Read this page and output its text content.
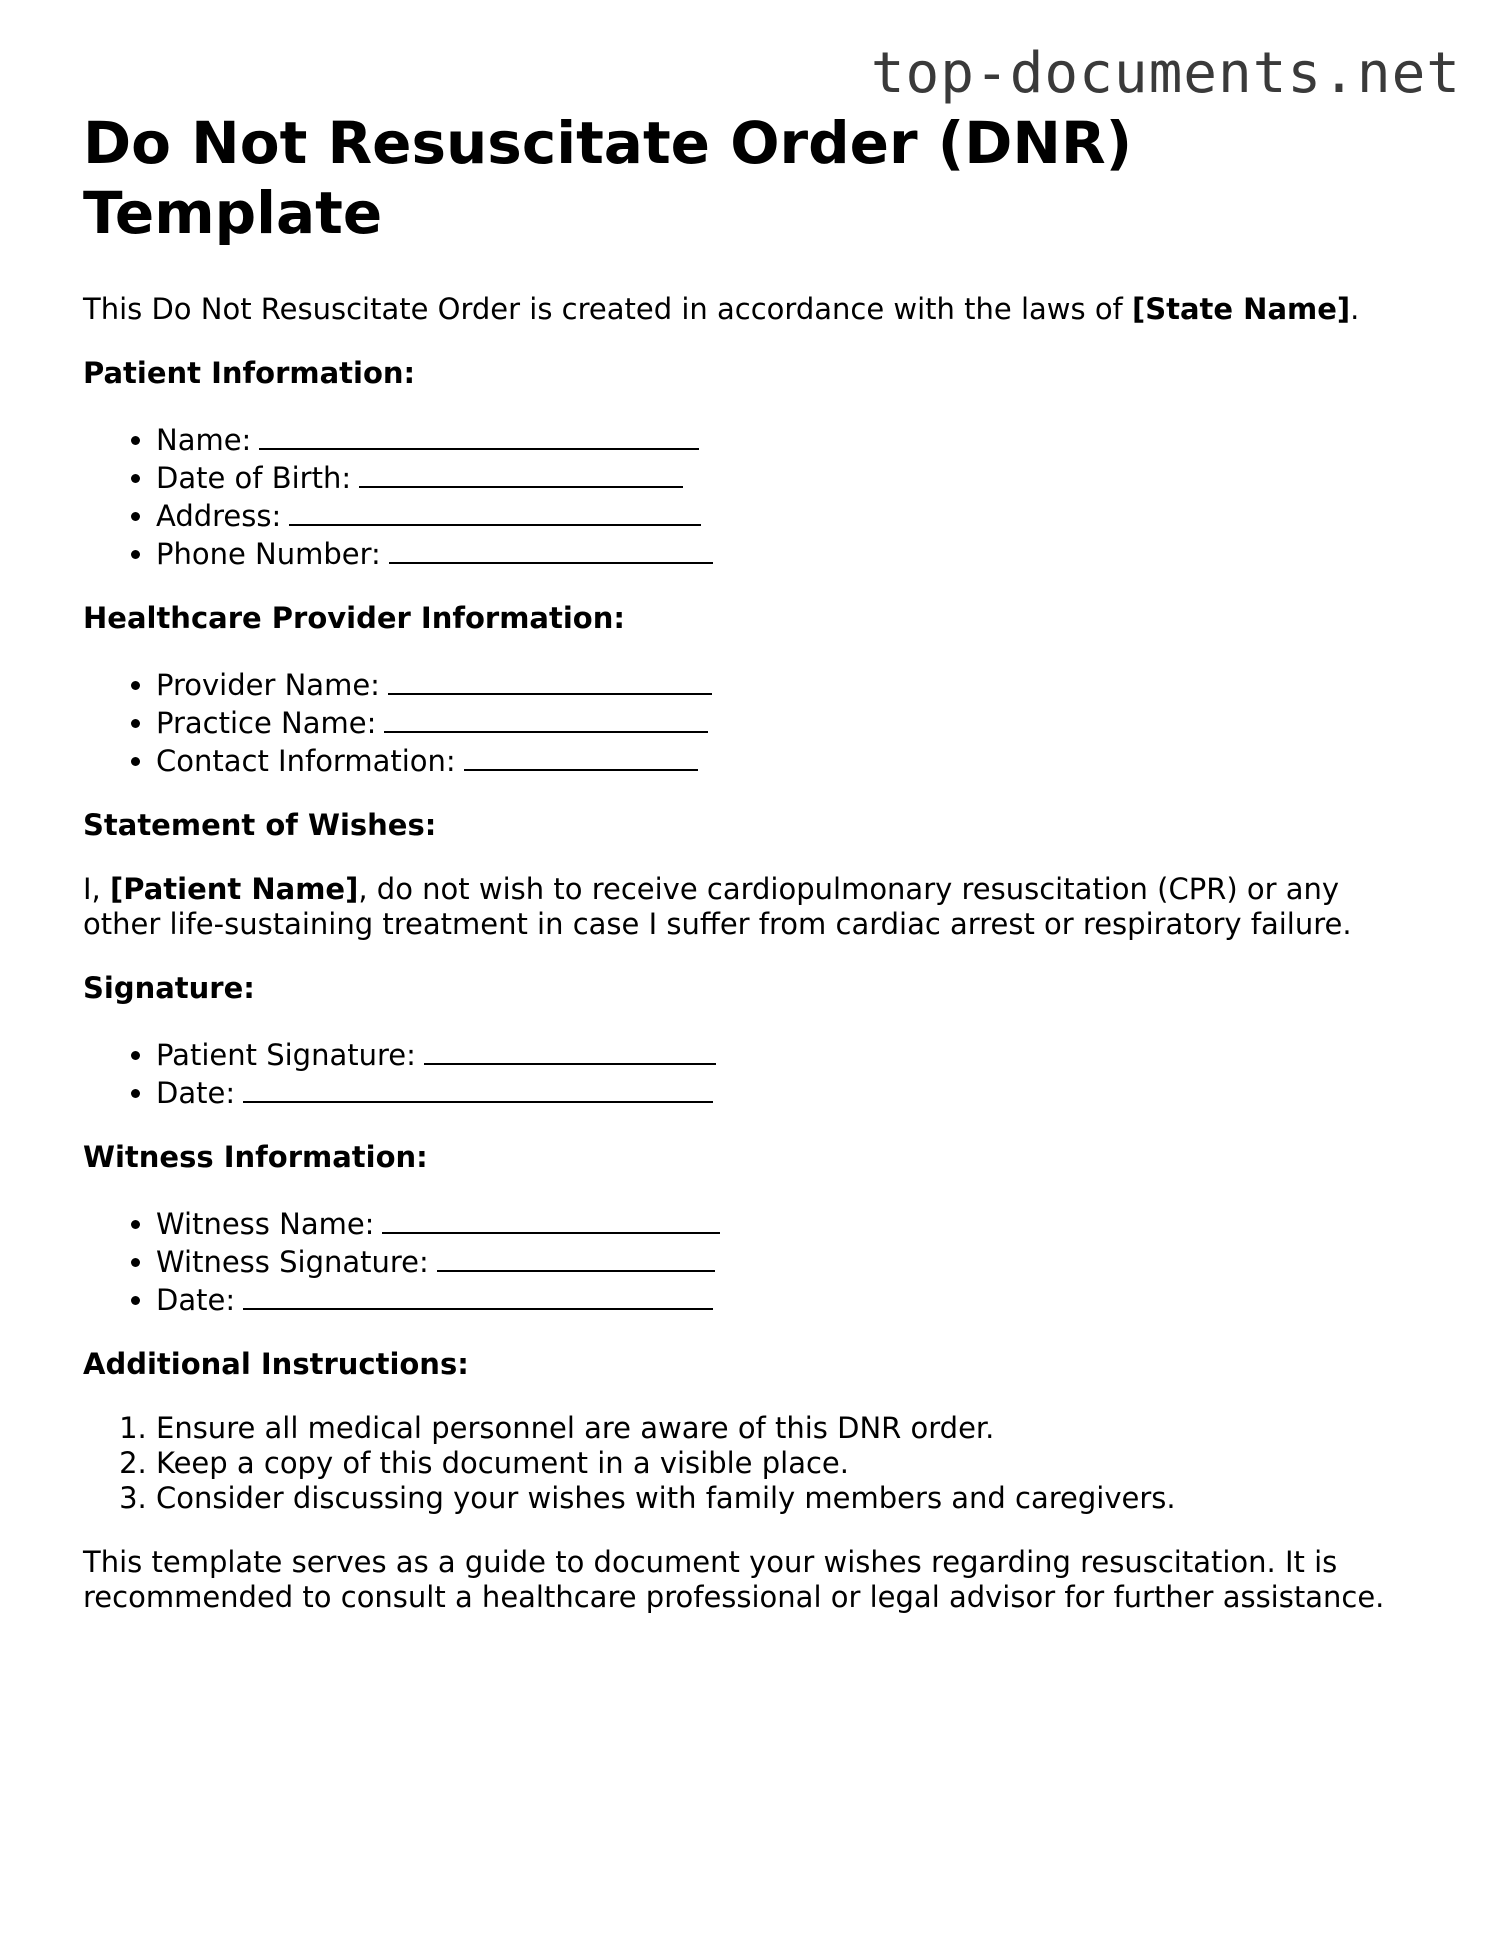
top-documents.net
Do Not Resuscitate Order (DNR) Template

This Do Not Resuscitate Order is created in accordance with the laws of [State Name].

Patient Information:
• Name:
• Date of Birth:
• Address:
• Phone Number:
Healthcare Provider Information:
• Provider Name:
• Practice Name:
• Contact Information:
Statement of Wishes:

I, [Patient Name], do not wish to receive cardiopulmonary resuscitation (CPR) or any other life-sustaining treatment in case I suffer from cardiac arrest or respiratory failure.

Signature:
• Patient Signature:
• Date:
Witness Information:
• Witness Name:
• Witness Signature:
• Date:
Additional Instructions:
1. Ensure all medical personnel are aware of this DNR order.
2. Keep a copy of this document in a visible place.
3. Consider discussing your wishes with family members and caregivers.

This template serves as a guide to document your wishes regarding resuscitation. It is recommended to consult a healthcare professional or legal advisor for further assistance.
